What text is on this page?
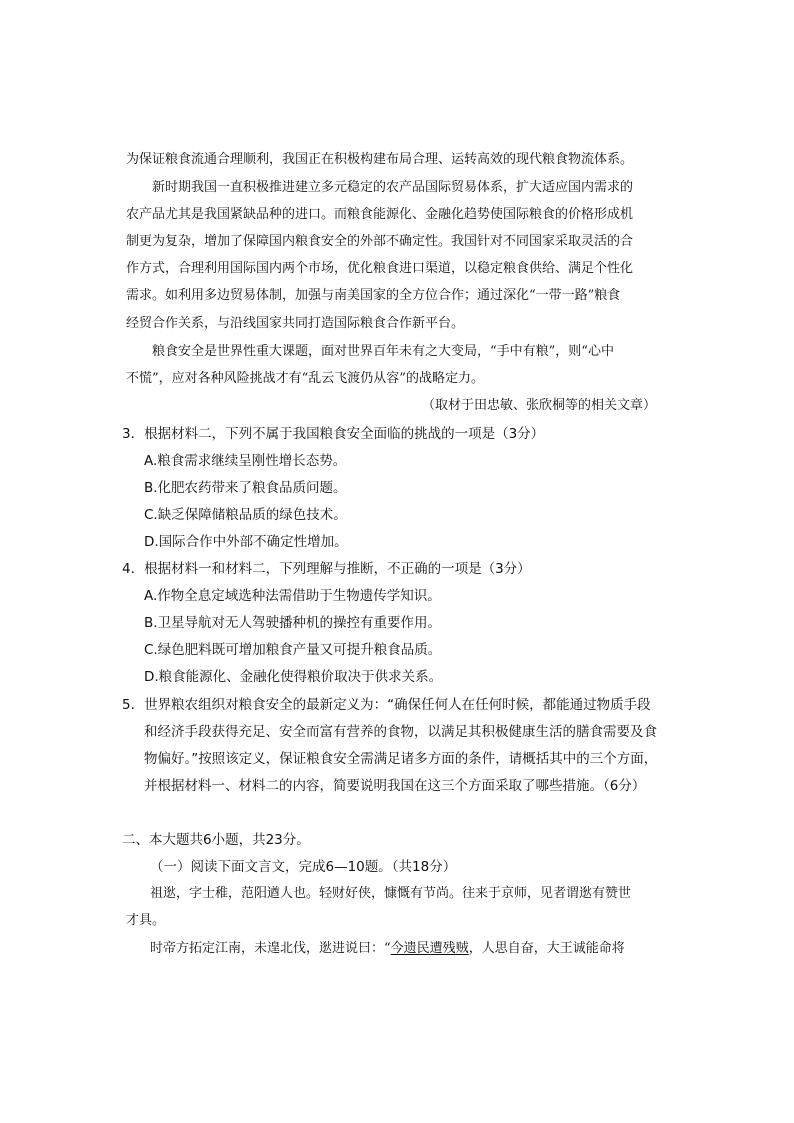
为保证粮食流通合理顺利，我国正在积极构建布局合理、运转高效的现代粮食物流体系。
新时期我国一直积极推进建立多元稳定的农产品国际贸易体系，扩大适应国内需求的
农产品尤其是我国紧缺品种的进口。而粮食能源化、金融化趋势使国际粮食的价格形成机
制更为复杂，增加了保障国内粮食安全的外部不确定性。我国针对不同国家采取灵活的合
作方式，合理利用国际国内两个市场，优化粮食进口渠道，以稳定粮食供给、满足个性化
需求。如利用多边贸易体制，加强与南美国家的全方位合作；通过深化“一带一路”粮食
经贸合作关系，与沿线国家共同打造国际粮食合作新平台。
粮食安全是世界性重大课题，面对世界百年未有之大变局，“手中有粮”，则“心中
不慌”，应对各种风险挑战才有“乱云飞渡仍从容”的战略定力。
（取材于田忠敏、张欣桐等的相关文章）
3．根据材料二，下列不属于我国粮食安全面临的挑战的一项是（3分）
A.粮食需求继续呈刚性增长态势。
B.化肥农药带来了粮食品质问题。
C.缺乏保障储粮品质的绿色技术。
D.国际合作中外部不确定性增加。
4．根据材料一和材料二，下列理解与推断，不正确的一项是（3分）
A.作物全息定域选种法需借助于生物遗传学知识。
B.卫星导航对无人驾驶播种机的操控有重要作用。
C.绿色肥料既可增加粮食产量又可提升粮食品质。
D.粮食能源化、金融化使得粮价取决于供求关系。
5．世界粮农组织对粮食安全的最新定义为：“确保任何人在任何时候，都能通过物质手段
和经济手段获得充足、安全而富有营养的食物，以满足其积极健康生活的膳食需要及食
物偏好。”按照该定义，保证粮食安全需满足诸多方面的条件，请概括其中的三个方面，
并根据材料一、材料二的内容，简要说明我国在这三个方面采取了哪些措施。（6分）
二、本大题共6小题，共23分。
（一）阅读下面文言文，完成6—10题。（共18分）
祖逖，字士稚，范阳遒人也。轻财好侠，慷慨有节尚。往来于京师，见者谓逖有赞世
才具。
时帝方拓定江南，未遑北伐，逖进说曰：“今遗民遭残贼，人思自奋，大王诚能命将
